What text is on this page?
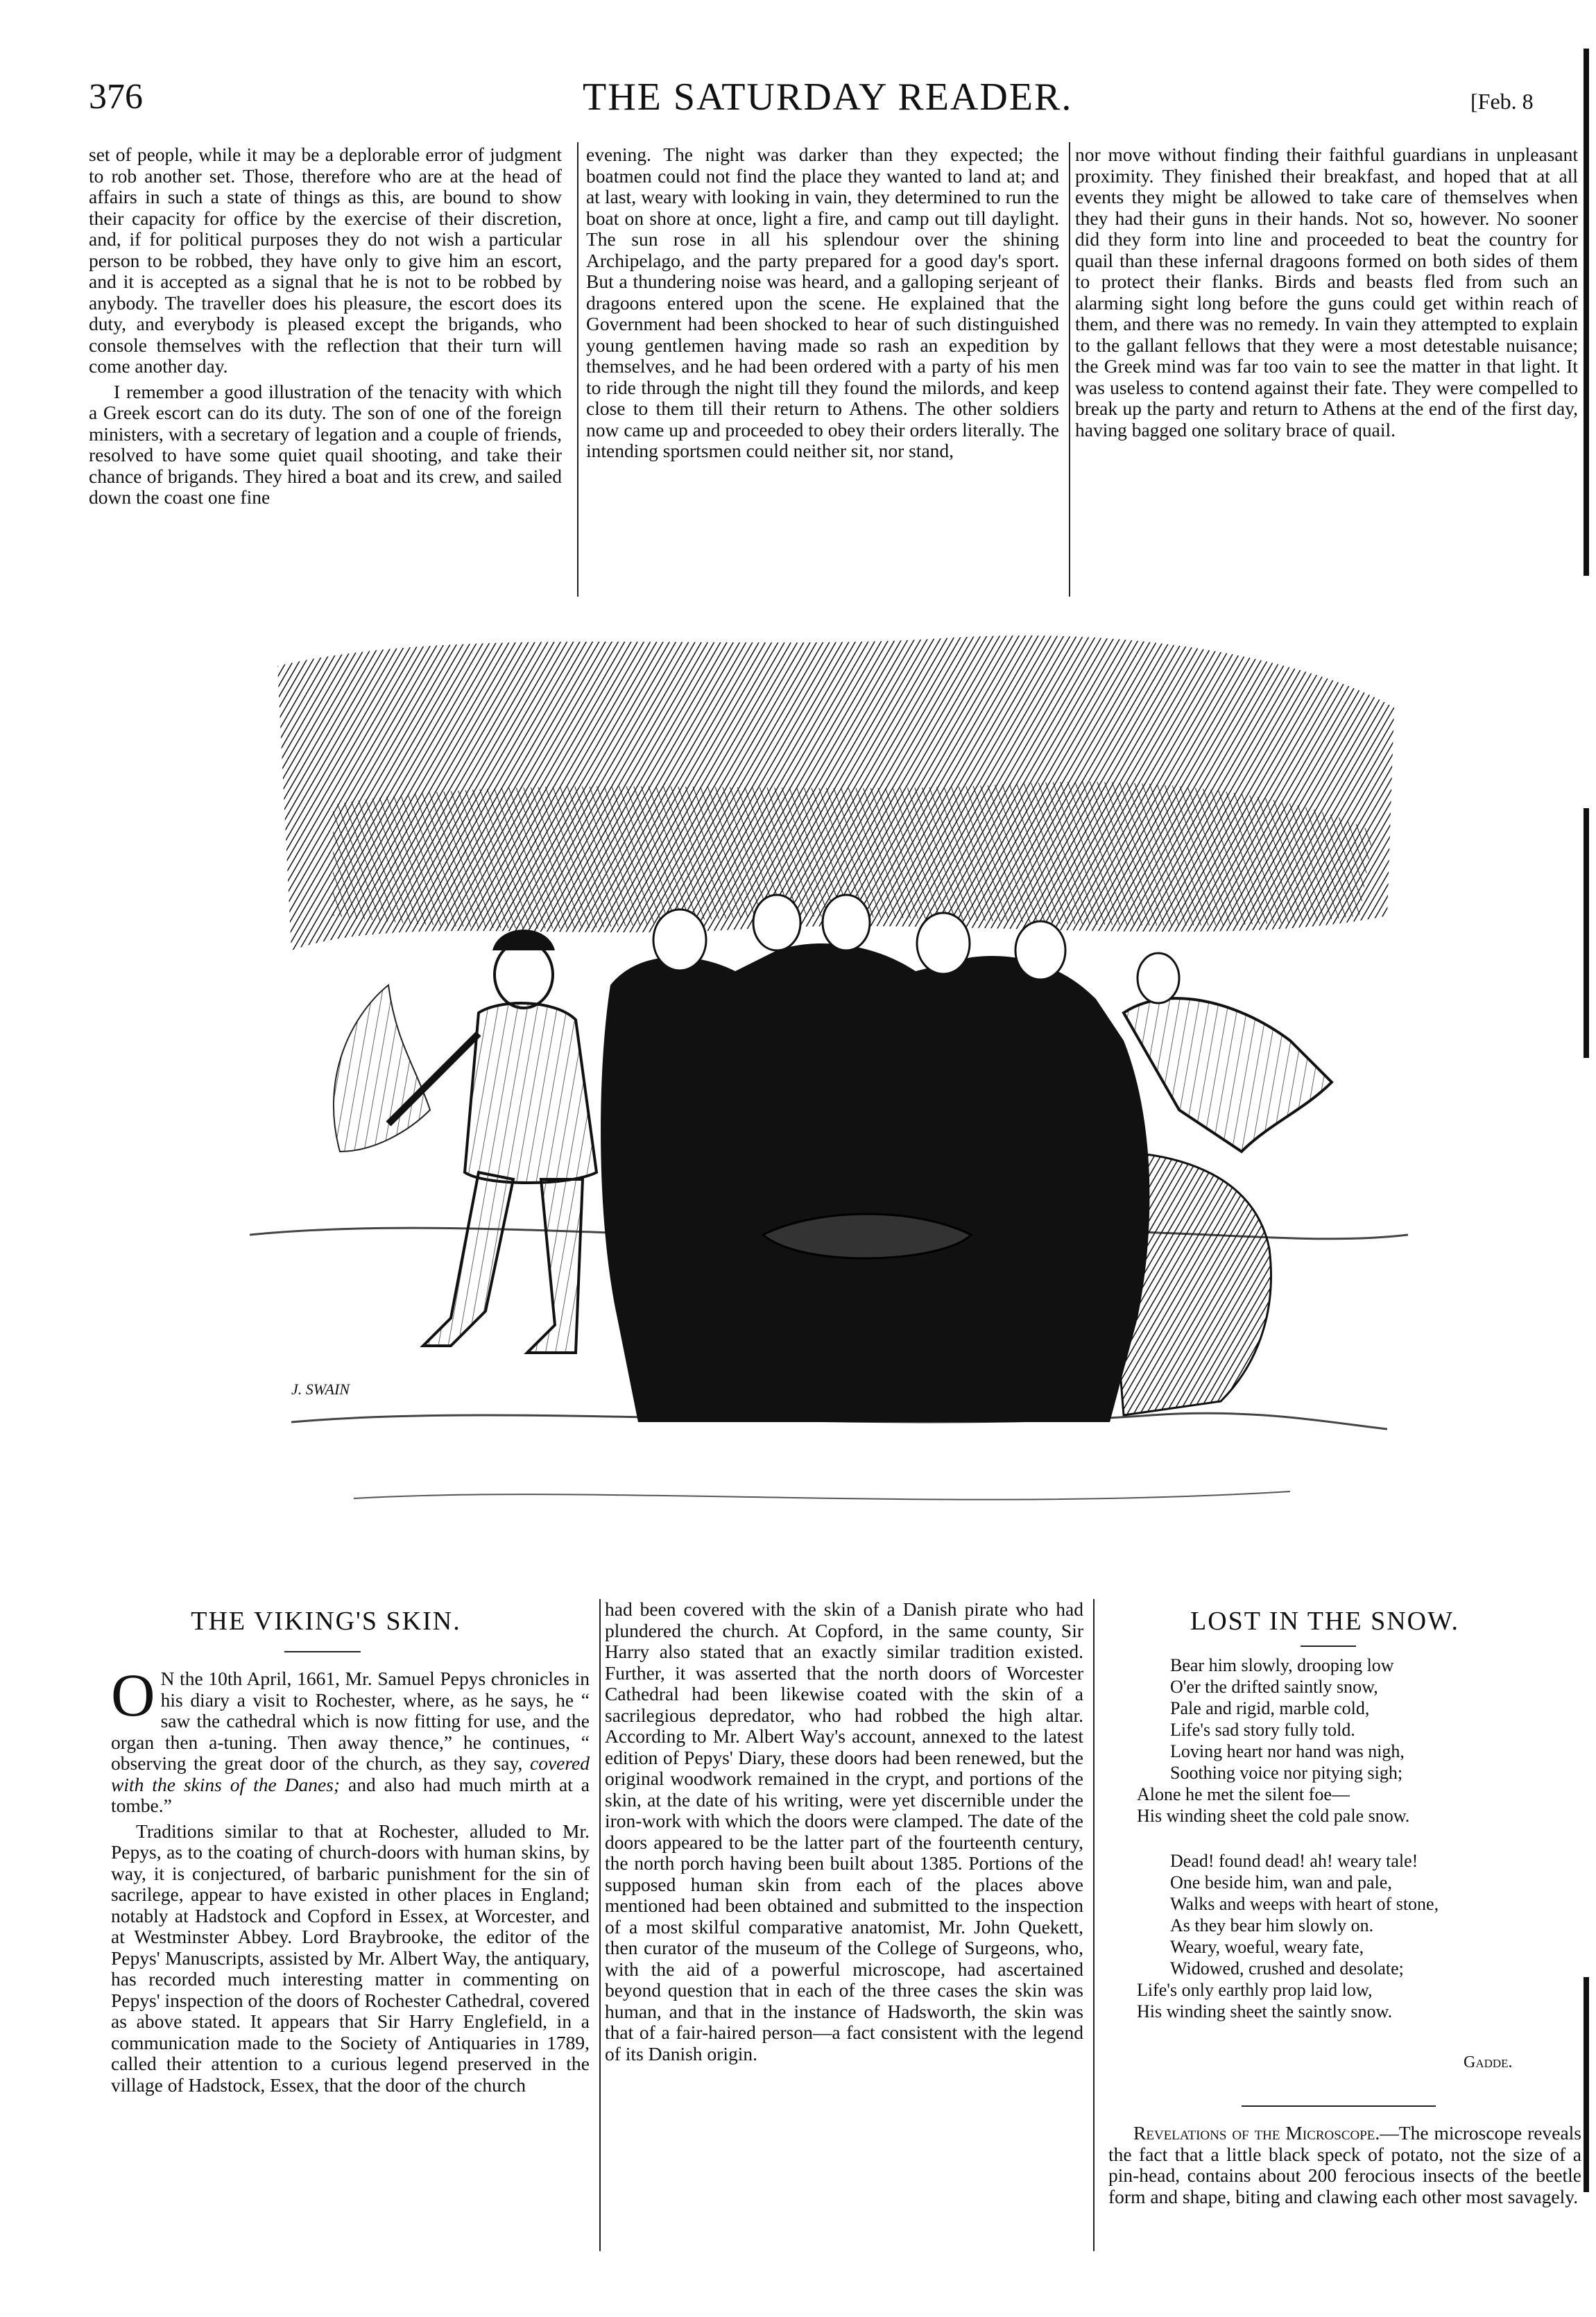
376	THE SATURDAY READER.	[Feb. 8

set of people, while it may be a deplorable error of judgment to rob another set. Those, therefore who are at the head of affairs in such a state of things as this, are bound to show their capacity for office by the exercise of their discretion, and, if for political purposes they do not wish a particular person to be robbed, they have only to give him an escort, and it is accepted as a signal that he is not to be robbed by anybody. The traveller does his pleasure, the escort does its duty, and everybody is pleased except the brigands, who console themselves with the reflection that their turn will come another day.

I remember a good illustration of the tenacity with which a Greek escort can do its duty. The son of one of the foreign ministers, with a secretary of legation and a couple of friends, resolved to have some quiet quail shooting, and take their chance of brigands. They hired a boat and its crew, and sailed down the coast one fine

evening. The night was darker than they expected; the boatmen could not find the place they wanted to land at; and at last, weary with looking in vain, they determined to run the boat on shore at once, light a fire, and camp out till daylight. The sun rose in all his splendour over the shining Archipelago, and the party prepared for a good day's sport. But a thundering noise was heard, and a galloping serjeant of dragoons entered upon the scene. He explained that the Government had been shocked to hear of such distinguished young gentlemen having made so rash an expedition by themselves, and he had been ordered with a party of his men to ride through the night till they found the milords, and keep close to them till their return to Athens. The other soldiers now came up and proceeded to obey their orders literally. The intending sportsmen could neither sit, nor stand,

nor move without finding their faithful guardians in unpleasant proximity. They finished their breakfast, and hoped that at all events they might be allowed to take care of themselves when they had their guns in their hands. Not so, however. No sooner did they form into line and proceeded to beat the country for quail than these infernal dragoons formed on both sides of them to protect their flanks. Birds and beasts fled from such an alarming sight long before the guns could get within reach of them, and there was no remedy. In vain they attempted to explain to the gallant fellows that they were a most detestable nuisance; the Greek mind was far too vain to see the matter in that light. It was useless to contend against their fate. They were compelled to break up the party and return to Athens at the end of the first day, having bagged one solitary brace of quail.

J. SWAIN
THE VIKING'S SKIN.

O N the 10th April, 1661, Mr. Samuel Pepys chronicles in his diary a visit to Rochester, where, as he says, he “ saw the cathedral which is now fitting for use, and the organ then a-tuning. Then away thence,” he continues, “ observing the great door of the church, as they say, covered with the skins of the Danes; and also had much mirth at a tombe.”

Traditions similar to that at Rochester, alluded to Mr. Pepys, as to the coating of church-doors with human skins, by way, it is conjectured, of barbaric punishment for the sin of sacrilege, appear to have existed in other places in England; notably at Hadstock and Copford in Essex, at Worcester, and at Westminster Abbey. Lord Braybrooke, the editor of the Pepys' Manuscripts, assisted by Mr. Albert Way, the antiquary, has recorded much interesting matter in commenting on Pepys' inspection of the doors of Rochester Cathedral, covered as above stated. It appears that Sir Harry Englefield, in a communication made to the Society of Antiquaries in 1789, called their attention to a curious legend preserved in the village of Hadstock, Essex, that the door of the church

had been covered with the skin of a Danish pirate who had plundered the church. At Copford, in the same county, Sir Harry also stated that an exactly similar tradition existed. Further, it was asserted that the north doors of Worcester Cathedral had been likewise coated with the skin of a sacrilegious depredator, who had robbed the high altar. According to Mr. Albert Way's account, annexed to the latest edition of Pepys' Diary, these doors had been renewed, but the original woodwork remained in the crypt, and portions of the skin, at the date of his writing, were yet discernible under the iron-work with which the doors were clamped. The date of the doors appeared to be the latter part of the fourteenth century, the north porch having been built about 1385. Portions of the supposed human skin from each of the places above mentioned had been obtained and submitted to the inspection of a most skilful comparative anatomist, Mr. John Quekett, then curator of the museum of the College of Surgeons, who, with the aid of a powerful microscope, had ascertained beyond question that in each of the three cases the skin was human, and that in the instance of Hadsworth, the skin was that of a fair-haired person—a fact consistent with the legend of its Danish origin.

LOST IN THE SNOW.
Bear him slowly, drooping low
O'er the drifted saintly snow,
Pale and rigid, marble cold,
Life's sad story fully told.
Loving heart nor hand was nigh,
Soothing voice nor pitying sigh;
Alone he met the silent foe—
His winding sheet the cold pale snow.
Dead! found dead! ah! weary tale!
One beside him, wan and pale,
Walks and weeps with heart of stone,
As they bear him slowly on.
Weary, woeful, weary fate,
Widowed, crushed and desolate;
Life's only earthly prop laid low,
His winding sheet the saintly snow.
Gadde.

Revelations of the Microscope.—The microscope reveals the fact that a little black speck of potato, not the size of a pin-head, contains about 200 ferocious insects of the beetle form and shape, biting and clawing each other most savagely.
